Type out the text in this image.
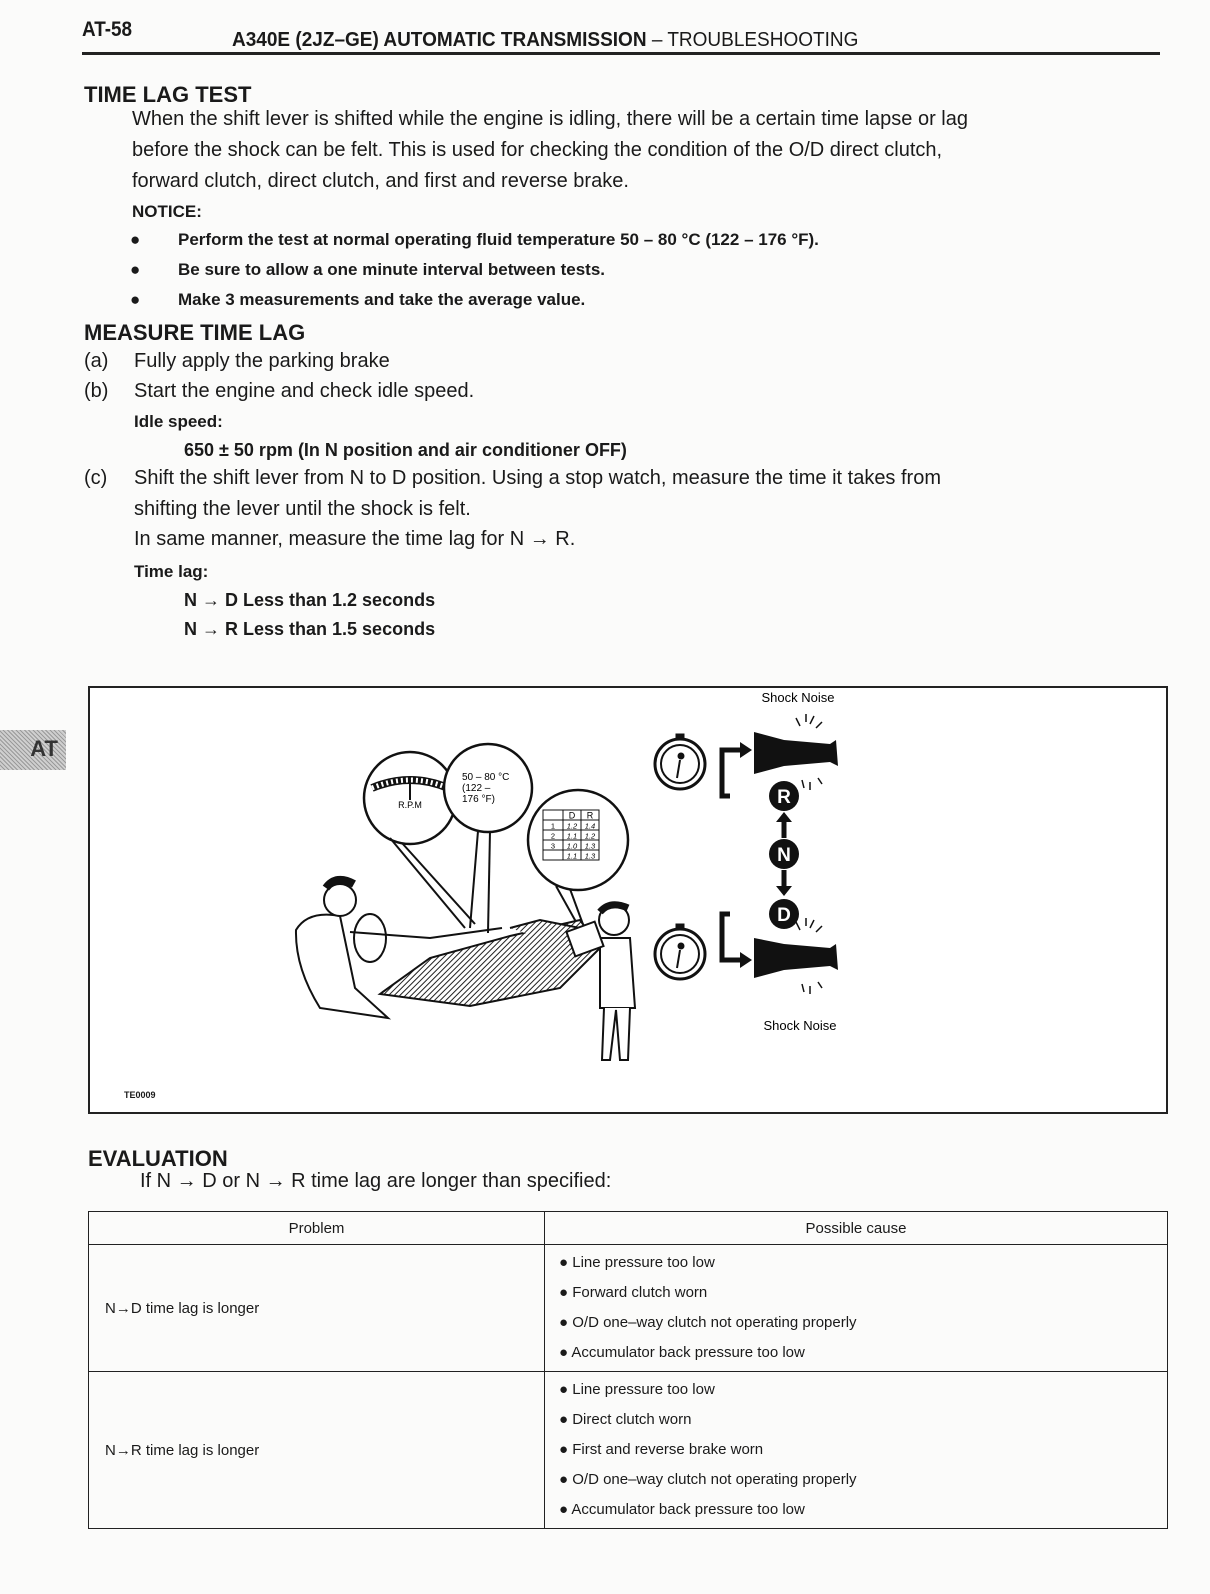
AT-58	A340E (2JZ–GE) AUTOMATIC TRANSMISSION – TROUBLESHOOTING
AT
TIME LAG TEST
When the shift lever is shifted while the engine is idling, there will be a certain time lapse or lag
before the shock can be felt. This is used for checking the condition of the O/D direct clutch,
forward clutch, direct clutch, and first and reverse brake.
NOTICE:
● Perform the test at normal operating fluid temperature 50 – 80 °C (122 – 176 °F).
● Be sure to allow a one minute interval between tests.
● Make 3 measurements and take the average value.
MEASURE TIME LAG
(a) Fully apply the parking brake
(b) Start the engine and check idle speed.
Idle speed:
650 ± 50 rpm (In N position and air conditioner OFF)
(c) Shift the shift lever from N to D position. Using a stop watch, measure the time it takes from
shifting the lever until the shock is felt.
In same manner, measure the time lag for N → R.
Time lag:
N → D Less than 1.2 seconds
N → R Less than 1.5 seconds
R.P.M
50 – 80 °C
(122 –
176 °F)
D R
1 1.2 1.4
2 1.1 1.2
3 1.0 1.3
1.1 1.3
R
N
D
Shock Noise
Shock Noise
TE0009
EVALUATION
If N → D or N → R time lag are longer than specified:
Problem	Possible cause
N→D time lag is longer	● Line pressure too low
● Forward clutch worn
● O/D one–way clutch not operating properly
● Accumulator back pressure too low

N→R time lag is longer	● Line pressure too low
● Direct clutch worn
● First and reverse brake worn
● O/D one–way clutch not operating properly
● Accumulator back pressure too low
